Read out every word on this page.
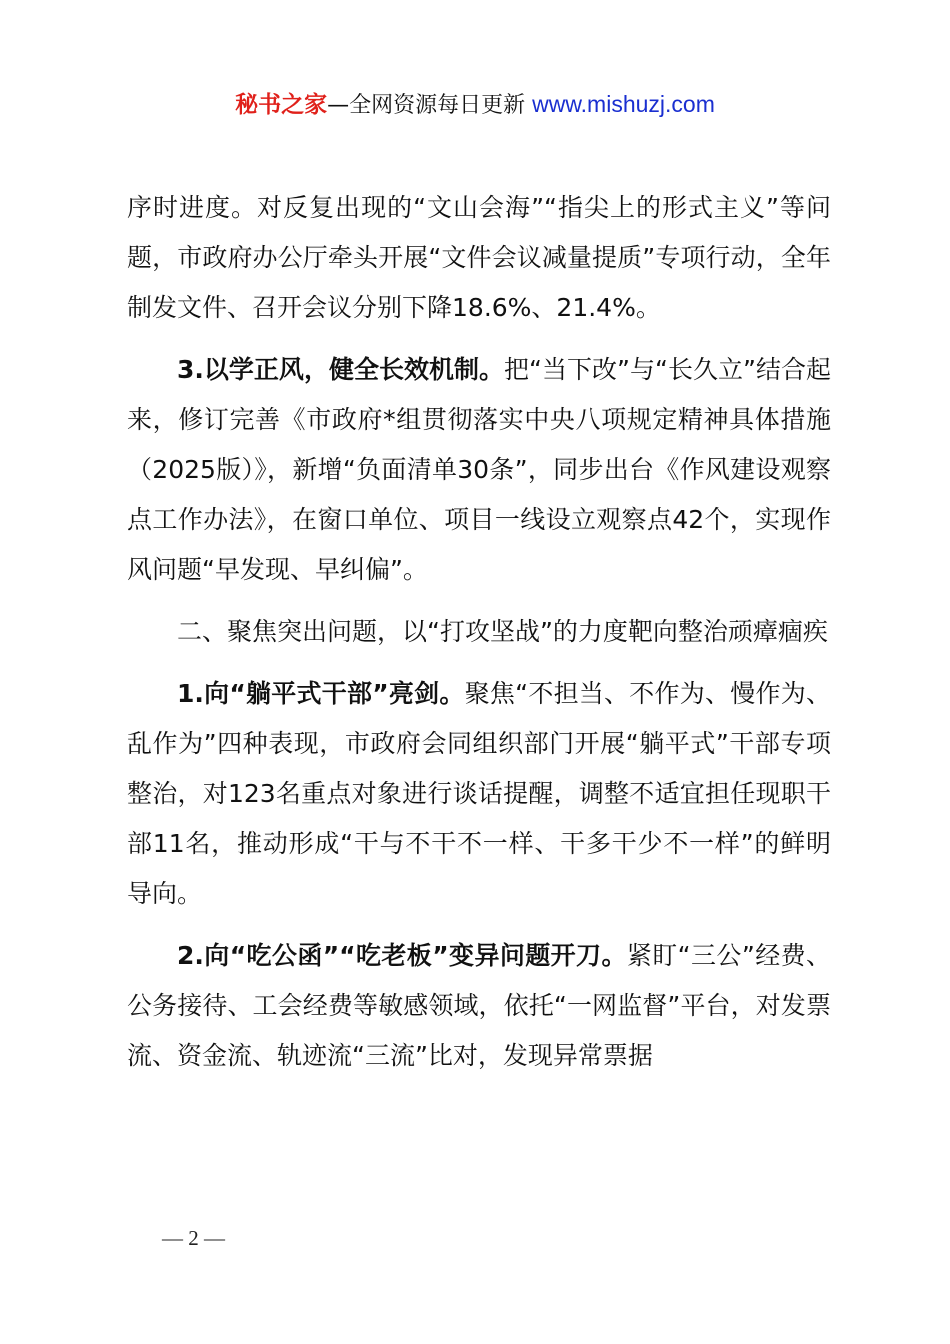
秘书之家—全网资源每日更新 www.mishuzj.com

序时进度。对反复出现的“文山会海”“指尖上的形式主义”等问题，市政府办公厅牵头开展“文件会议减量提质”专项行动，全年制发文件、召开会议分别下降18.6%、21.4%。

3.以学正风，健全长效机制。把“当下改”与“长久立”结合起来，修订完善《市政府*组贯彻落实中央八项规定精神具体措施（2025版）》，新增“负面清单30条”，同步出台《作风建设观察点工作办法》，在窗口单位、项目一线设立观察点42个，实现作风问题“早发现、早纠偏”。

二、聚焦突出问题，以“打攻坚战”的力度靶向整治顽瘴痼疾

1.向“躺平式干部”亮剑。聚焦“不担当、不作为、慢作为、乱作为”四种表现，市政府会同组织部门开展“躺平式”干部专项整治，对123名重点对象进行谈话提醒，调整不适宜担任现职干部11名，推动形成“干与不干不一样、干多干少不一样”的鲜明导向。

2.向“吃公函”“吃老板”变异问题开刀。紧盯“三公”经费、公务接待、工会经费等敏感领域，依托“一网监督”平台，对发票流、资金流、轨迹流“三流”比对，发现异常票据

— 2 —
